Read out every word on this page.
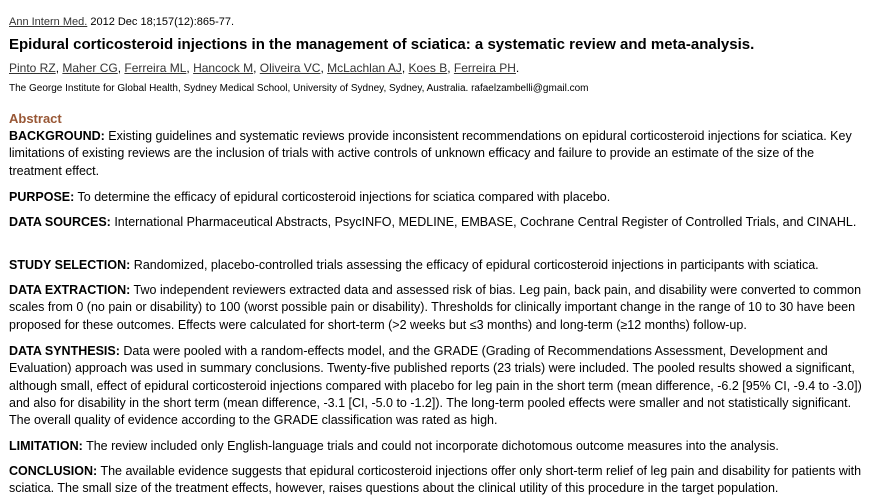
Ann Intern Med. 2012 Dec 18;157(12):865-77.
Epidural corticosteroid injections in the management of sciatica: a systematic review and meta-analysis.
Pinto RZ, Maher CG, Ferreira ML, Hancock M, Oliveira VC, McLachlan AJ, Koes B, Ferreira PH.
The George Institute for Global Health, Sydney Medical School, University of Sydney, Sydney, Australia. rafaelzambelli@gmail.com
Abstract
BACKGROUND: Existing guidelines and systematic reviews provide inconsistent recommendations on epidural corticosteroid injections for sciatica. Key limitations of existing reviews are the inclusion of trials with active controls of unknown efficacy and failure to provide an estimate of the size of the treatment effect.
PURPOSE: To determine the efficacy of epidural corticosteroid injections for sciatica compared with placebo.
DATA SOURCES: International Pharmaceutical Abstracts, PsycINFO, MEDLINE, EMBASE, Cochrane Central Register of Controlled Trials, and CINAHL.
STUDY SELECTION: Randomized, placebo-controlled trials assessing the efficacy of epidural corticosteroid injections in participants with sciatica.
DATA EXTRACTION: Two independent reviewers extracted data and assessed risk of bias. Leg pain, back pain, and disability were converted to common scales from 0 (no pain or disability) to 100 (worst possible pain or disability). Thresholds for clinically important change in the range of 10 to 30 have been proposed for these outcomes. Effects were calculated for short-term (>2 weeks but ≤3 months) and long-term (≥12 months) follow-up.
DATA SYNTHESIS: Data were pooled with a random-effects model, and the GRADE (Grading of Recommendations Assessment, Development and Evaluation) approach was used in summary conclusions. Twenty-five published reports (23 trials) were included. The pooled results showed a significant, although small, effect of epidural corticosteroid injections compared with placebo for leg pain in the short term (mean difference, -6.2 [95% CI, -9.4 to -3.0]) and also for disability in the short term (mean difference, -3.1 [CI, -5.0 to -1.2]). The long-term pooled effects were smaller and not statistically significant. The overall quality of evidence according to the GRADE classification was rated as high.
LIMITATION: The review included only English-language trials and could not incorporate dichotomous outcome measures into the analysis.
CONCLUSION: The available evidence suggests that epidural corticosteroid injections offer only short-term relief of leg pain and disability for patients with sciatica. The small size of the treatment effects, however, raises questions about the clinical utility of this procedure in the target population.
